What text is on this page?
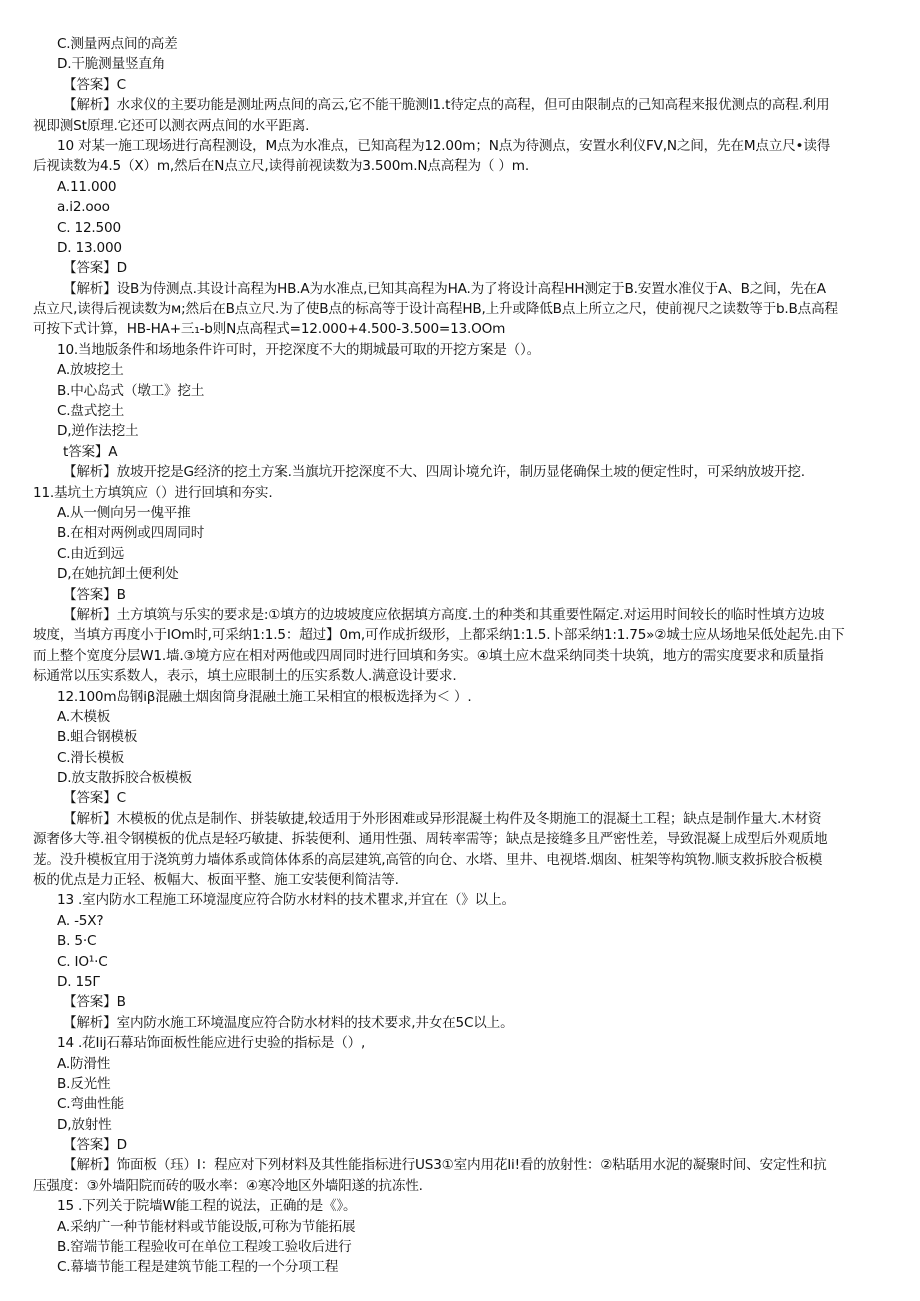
C.测量两点间的高差
D.干脆测量竖直角
【答案】C
【解析】水求仪的主要功能是测址两点间的高云,它不能干脆测I1.t待定点的高程，但可由限制点的己知高程来报优测点的高程.利用
视即测St原理.它还可以测衣两点间的水平距离.
10 对某一施工现场进行高程测设，M点为水准点，已知高程为12.00m；N点为待测点，安置水利仪FV,N之间，先在M点立尺•读得
后视读数为4.5（X）m,然后在N点立尺,读得前视读数为3.500m.N点高程为（ ）m.
A.11.000
a.i2.ooo
C. 12.500
D. 13.000
【答案】D
【解析】设B为侍测点.其设计高程为HB.A为水准点,已知其高程为HA.为了将设计高程HH测定于B.安置水准仪于A、B之间，先在A
点立尺,读得后视读数为м;然后在B点立尺.为了使B点的标高等于设计高程HB,上升或降低B点上所立之尺，使前视尺之读数等于b.B点高程
可按下式计算，HB-HA+三₁-b则N点高程式=12.000+4.500-3.500=13.OOm
10.当地版条件和场地条件许可时，开挖深度不大的期城最可取的开挖方案是（）。
A.放坡挖土
B.中心岛式（墩工》挖土
C.盘式挖土
D,逆作法挖土
t答案】A
【解析】放坡开挖是G经济的挖土方案.当旗坑开挖深度不大、四周讣境允许，制历显佬确保土坡的便定性时，可采纳放坡开挖.
11.基坑土方填筑应（）进行回填和夯实.
A.从一侧向另一傀平推
B.在相对两例或四周同时
C.由近到远
D,在她抗卸土便利处
【答案】B
【解析】土方填筑与乐实的要求是:①填方的边坡坡度应依据填方高度.土的种类和其重要性隔定.对运用时间较长的临时性填方边坡
坡度，当填方再度小于IOm时,可采纳1:1.5：超过】0m,可作成折级形，上都采纳1:1.5.卜部采纳1:1.75»②城士应从场地呆低处起先.由下
而上整个宽度分层W1.墙.③境方应在相对两他或四周同时进行回填和务实。④填土应木盘采纳同类十块筑，地方的需实度要求和质量指
标通常以压实系数人，表示，填土应眼制土的压实系数人.满意设计要求.
12.100m岛钢iβ混融土烟囱筒身混融土施工呆相宜的根板选择为＜ ）.
A.木模板
B.蛆合钢模板
C.滑长模板
D.放支散拆胶合板模板
【答案】C
【解析】木模板的优点是制作、拼装敏捷,较适用于外形困难或异形混凝土构件及冬期施工的混凝土工程；缺点是制作量大.木材资
源奢侈大等.祖令钢模板的优点是轻巧敏捷、拆装便利、通用性强、周转率需等；缺点是接缝多且严密性差，导致混凝上成型后外观质地
茏。没升模板宜用于浇筑剪力墙体系或筒体体系的高层建筑,高管的向仓、水塔、里井、电视塔.烟囱、桩架等构筑物.顺支救拆胶合板模
板的优点是力正轻、板幅大、板面平整、施工安装便利简洁等.
13 .室内防水工程施工环境湿度应符合防水材料的技术瞿求,并宜在（》以上。
A. -5X?
B. 5·C
C. IO¹·C
D. 15Γ
【答案】B
【解析】室内防水施工环境温度应符合防水材料的技术要求,井女在5C以上。
14 .花Iij石幕玷饰面板性能应进行史验的指标是（）,
A.防滑性
B.反光性
C.弯曲性能
D,放射性
【答案】D
【解析】饰面板（珏）I：程应对下列材料及其性能指标进行US3①室内用花Ii!看的放射性：②粘聒用水泥的凝聚时间、安定性和抗
压强度：③外墙阳院而砖的吸水率：④寒冷地区外墙阳遂的抗冻性.
15 .下列关于院墙W能工程的说法，正确的是《》。
A.采纳广一种节能材料或节能设版,可称为节能拓展
B.窑端节能工程验收可在单位工程竣工验收后进行
C.幕墙节能工程是建筑节能工程的一个分项工程
